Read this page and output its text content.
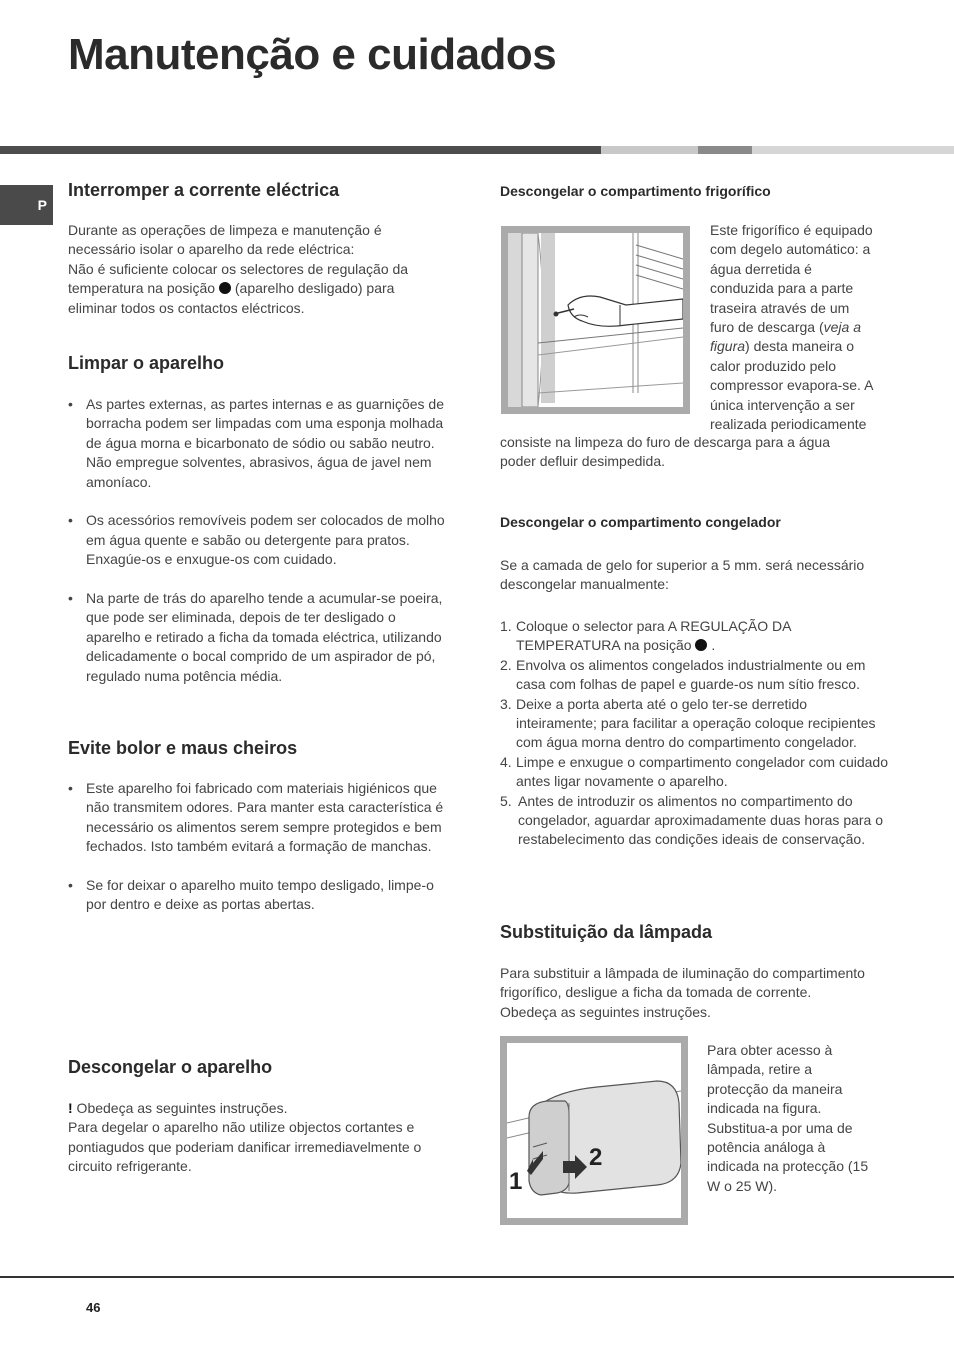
Manutenção e cuidados
P
Interromper a corrente eléctrica

Durante as operações de limpeza e manutenção é

necessário isolar o aparelho da rede eléctrica:

Não é suficiente colocar os selectores de regulação da

temperatura na posição (aparelho desligado) para

eliminar todos os contactos eléctricos.

Limpar o aparelho
• As partes externas, as partes internas e as guarnições de borracha podem ser limpadas com uma esponja molhada de água morna e bicarbonato de sódio ou sabão neutro. Não empregue solventes, abrasivos, água de javel nem amoníaco.
• Os acessórios removíveis podem ser colocados de molho em água quente e sabão ou detergente para pratos. Enxagúe-os e enxugue-os com cuidado.
• Na parte de trás do aparelho tende a acumular-se poeira, que pode ser eliminada, depois de ter desligado o aparelho e retirado a ficha da tomada eléctrica, utilizando delicadamente o bocal comprido de um aspirador de pó, regulado numa potência média.
Evite bolor e maus cheiros
• Este aparelho foi fabricado com materiais higiénicos que não transmitem odores. Para manter esta característica é necessário os alimentos serem sempre protegidos e bem fechados. Isto também evitará a formação de manchas.
• Se for deixar o aparelho muito tempo desligado, limpe-o por dentro e deixe as portas abertas.
Descongelar o aparelho

! Obedeça as seguintes instruções.

Para degelar o aparelho não utilize objectos cortantes e

pontiagudos que poderiam danificar irremediavelmente o

circuito refrigerante.

Descongelar o compartimento frigorífico

Este frigorífico é equipado

com degelo automático: a

água derretida é

conduzida para a parte

traseira através de um

furo de descarga (veja a

figura) desta maneira o

calor produzido pelo

compressor evapora-se. A

única intervenção a ser

realizada periodicamente

consiste na limpeza do furo de descarga para a água

poder defluir desimpedida.

Descongelar o compartimento congelador

Se a camada de gelo for superior a 5 mm. será necessário

descongelar manualmente:

1. Coloque o selector para A REGULAÇÃO DA
TEMPERATURA na posição .
2. Envolva os alimentos congelados industrialmente ou em casa com folhas de papel e guarde-os num sítio fresco.
3. Deixe a porta aberta até o gelo ter-se derretido inteiramente; para facilitar a operação coloque recipientes com água morna dentro do compartimento congelador.
4. Limpe e enxugue o compartimento congelador com cuidado antes ligar novamente o aparelho.
5. Antes de introduzir os alimentos no compartimento do congelador, aguardar aproximadamente duas horas para o restabelecimento das condições ideais de conservação.
Substituição da lâmpada

Para substituir a lâmpada de iluminação do compartimento

frigorífico, desligue a ficha da tomada de corrente.

Obedeça as seguintes instruções.

1
2

Para obter acesso à

lâmpada, retire a

protecção da maneira

indicada na figura.

Substitua-a por uma de

potência análoga à

indicada na protecção (15

W o 25 W).

46
